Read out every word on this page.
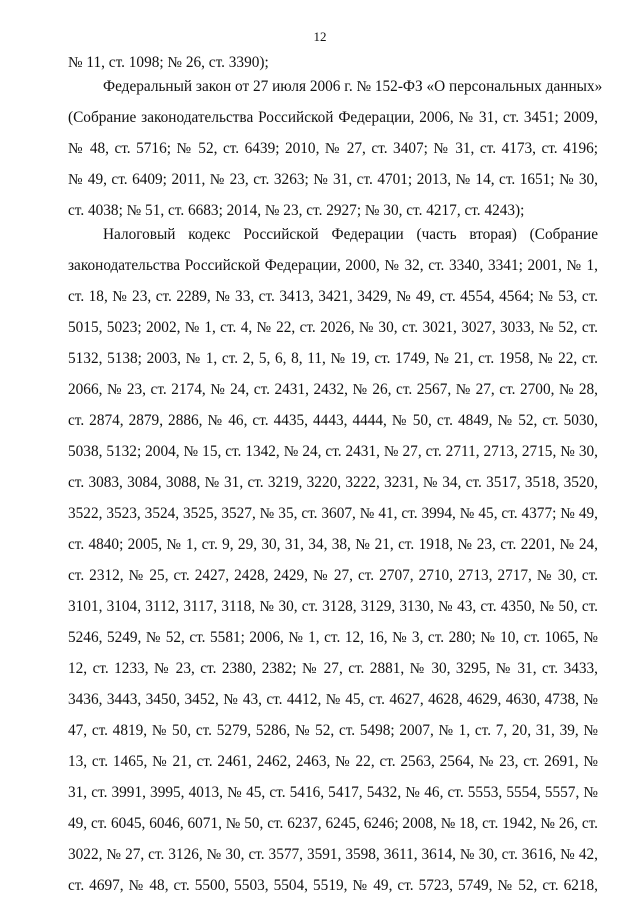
12
№ 11, ст. 1098; № 26, ст. 3390);
Федеральный закон от 27 июля 2006 г. № 152-ФЗ «О персональных данных»
(Собрание законодательства Российской Федерации, 2006, № 31, ст. 3451; 2009,
№ 48, ст. 5716; № 52, ст. 6439; 2010, № 27, ст. 3407; № 31, ст. 4173, ст. 4196;
№ 49, ст. 6409; 2011, № 23, ст. 3263; № 31, ст. 4701; 2013, № 14, ст. 1651; № 30,
ст. 4038; № 51, ст. 6683; 2014, № 23, ст. 2927; № 30, ст. 4217, ст. 4243);
Налоговый кодекс Российской Федерации (часть вторая) (Собрание
законодательства Российской Федерации, 2000, № 32, ст. 3340, 3341; 2001, № 1,
ст. 18, № 23, ст. 2289, № 33, ст. 3413, 3421, 3429, № 49, ст. 4554, 4564; № 53, ст.
5015, 5023; 2002, № 1, ст. 4, № 22, ст. 2026, № 30, ст. 3021, 3027, 3033, № 52, ст.
5132, 5138; 2003, № 1, ст. 2, 5, 6, 8, 11, № 19, ст. 1749, № 21, ст. 1958, № 22, ст.
2066, № 23, ст. 2174, № 24, ст. 2431, 2432, № 26, ст. 2567, № 27, ст. 2700, № 28,
ст. 2874, 2879, 2886, № 46, ст. 4435, 4443, 4444, № 50, ст. 4849, № 52, ст. 5030,
5038, 5132; 2004, № 15, ст. 1342, № 24, ст. 2431, № 27, ст. 2711, 2713, 2715, № 30,
ст. 3083, 3084, 3088, № 31, ст. 3219, 3220, 3222, 3231, № 34, ст. 3517, 3518, 3520,
3522, 3523, 3524, 3525, 3527, № 35, ст. 3607, № 41, ст. 3994, № 45, ст. 4377; № 49,
ст. 4840; 2005, № 1, ст. 9, 29, 30, 31, 34, 38, № 21, ст. 1918, № 23, ст. 2201, № 24,
ст. 2312, № 25, ст. 2427, 2428, 2429, № 27, ст. 2707, 2710, 2713, 2717, № 30, ст.
3101, 3104, 3112, 3117, 3118, № 30, ст. 3128, 3129, 3130, № 43, ст. 4350, № 50, ст.
5246, 5249, № 52, ст. 5581; 2006, № 1, ст. 12, 16, № 3, ст. 280; № 10, ст. 1065, №
12, ст. 1233, № 23, ст. 2380, 2382; № 27, ст. 2881, № 30, 3295, № 31, ст. 3433,
3436, 3443, 3450, 3452, № 43, ст. 4412, № 45, ст. 4627, 4628, 4629, 4630, 4738, №
47, ст. 4819, № 50, ст. 5279, 5286, № 52, ст. 5498; 2007, № 1, ст. 7, 20, 31, 39, №
13, ст. 1465, № 21, ст. 2461, 2462, 2463, № 22, ст. 2563, 2564, № 23, ст. 2691, №
31, ст. 3991, 3995, 4013, № 45, ст. 5416, 5417, 5432, № 46, ст. 5553, 5554, 5557, №
49, ст. 6045, 6046, 6071, № 50, ст. 6237, 6245, 6246; 2008, № 18, ст. 1942, № 26, ст.
3022, № 27, ст. 3126, № 30, ст. 3577, 3591, 3598, 3611, 3614, № 30, ст. 3616, № 42,
ст. 4697, № 48, ст. 5500, 5503, 5504, 5519, № 49, ст. 5723, 5749, № 52, ст. 6218,
